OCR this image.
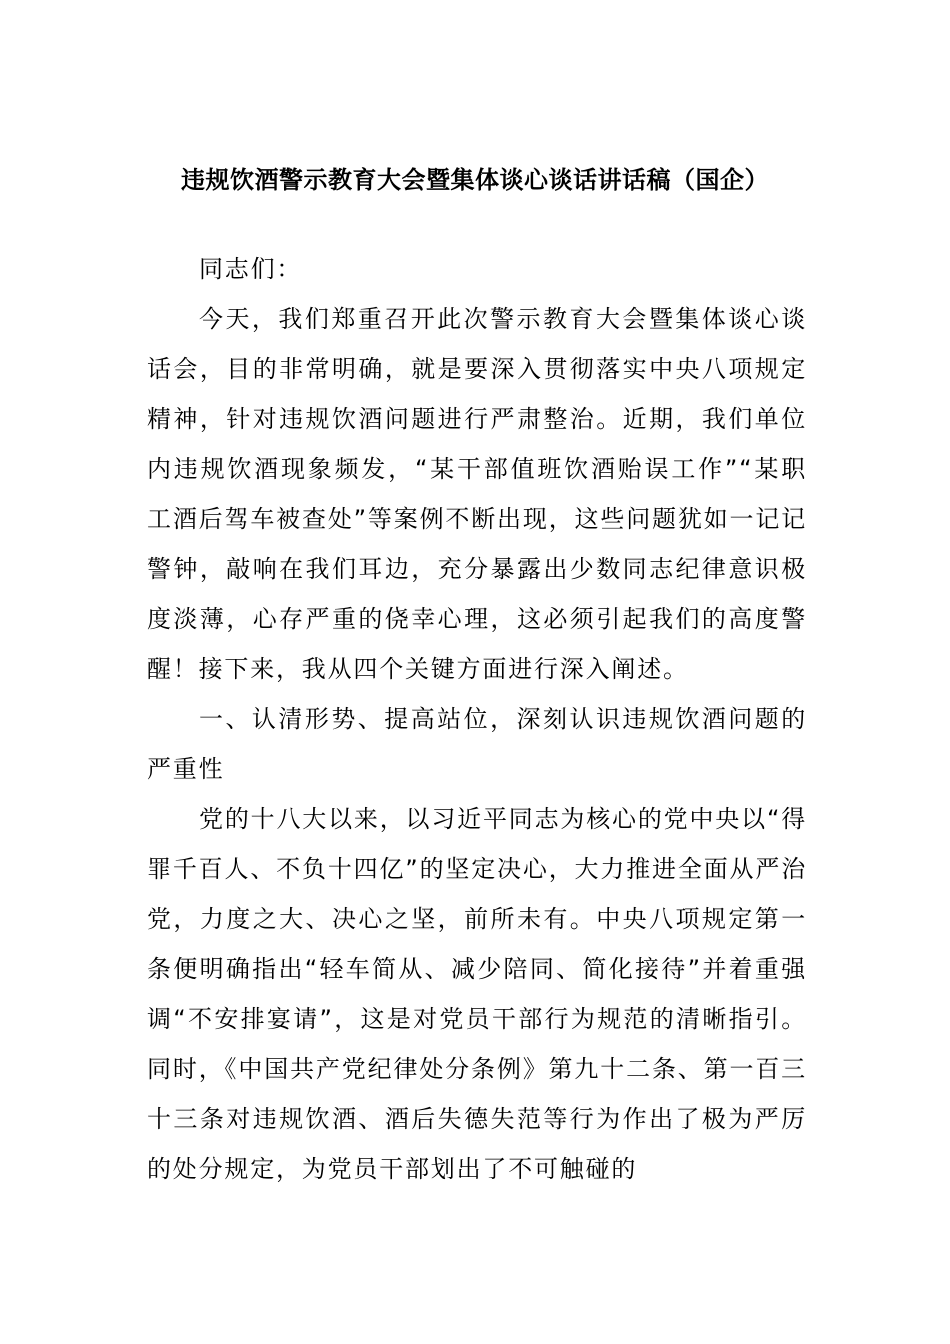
违规饮酒警示教育大会暨集体谈心谈话讲话稿（国企）

同志们：

今天，我们郑重召开此次警示教育大会暨集体谈心谈话会，目的非常明确，就是要深入贯彻落实中央八项规定精神，针对违规饮酒问题进行严肃整治。近期，我们单位内违规饮酒现象频发，“某干部值班饮酒贻误工作”“某职工酒后驾车被查处”等案例不断出现，这些问题犹如一记记警钟，敲响在我们耳边，充分暴露出少数同志纪律意识极度淡薄，心存严重的侥幸心理，这必须引起我们的高度警醒！接下来，我从四个关键方面进行深入阐述。

一、认清形势、提高站位，深刻认识违规饮酒问题的严重性

党的十八大以来，以习近平同志为核心的党中央以“得罪千百人、不负十四亿”的坚定决心，大力推进全面从严治党，力度之大、决心之坚，前所未有。中央八项规定第一条便明确指出“轻车简从、减少陪同、简化接待”并着重强调“不安排宴请”，这是对党员干部行为规范的清晰指引。同时，《中国共产党纪律处分条例》第九十二条、第一百三十三条对违规饮酒、酒后失德失范等行为作出了极为严厉的处分规定，为党员干部划出了不可触碰的
